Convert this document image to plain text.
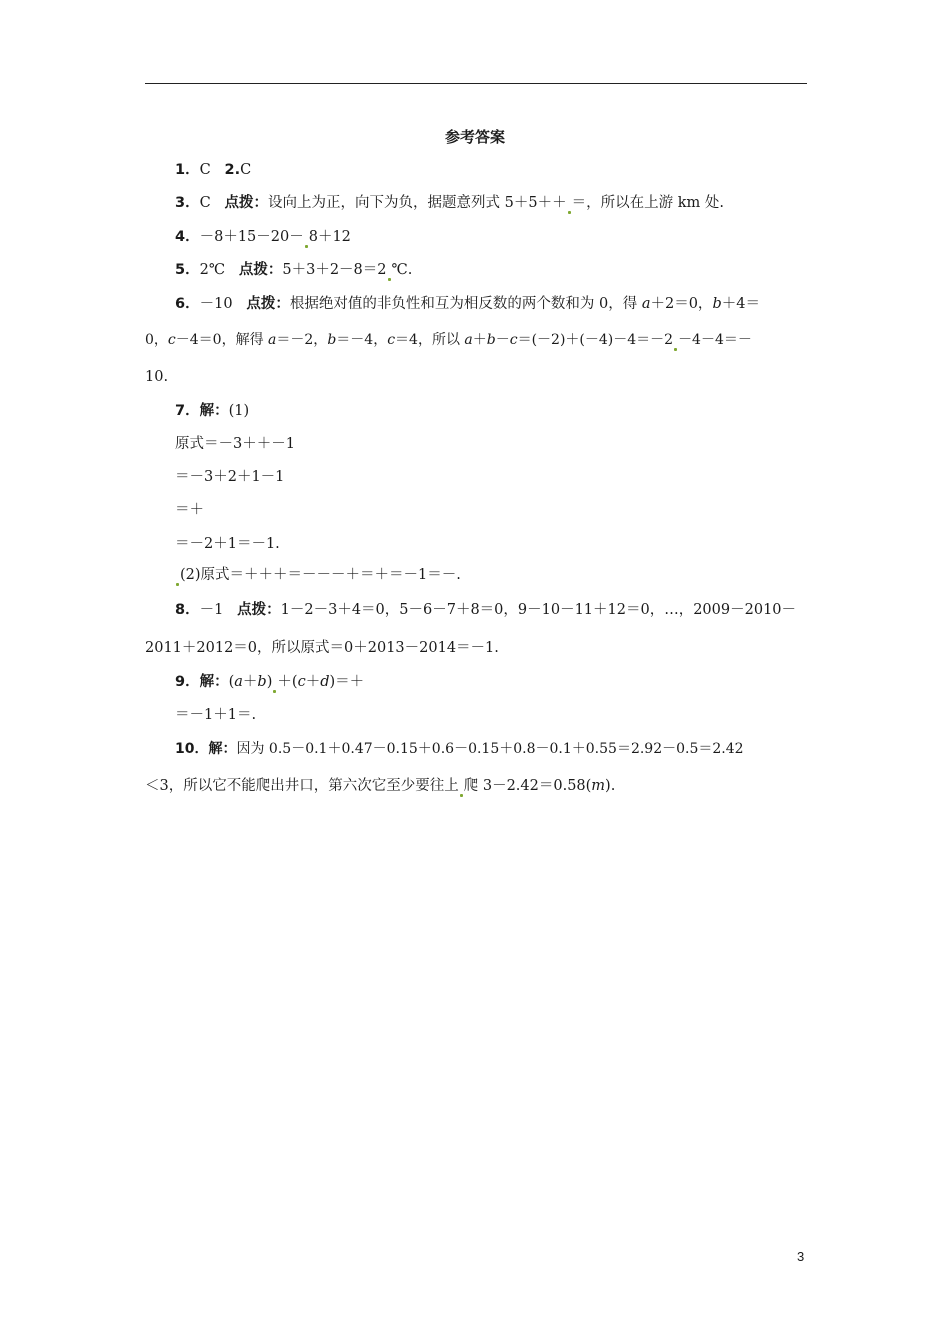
参考答案
1．C 2.C
3．C 点拨：设向上为正，向下为负，据题意列式 5＋5＋＋ ＝，所以在上游 km 处.
4．－8＋15－20－ 8＋12
5．2℃ 点拨：5＋3＋2－8＝2 ℃.
6．－10 点拨：根据绝对值的非负性和互为相反数的两个数和为 0，得 a＋2＝0，b＋4＝
0，c－4＝0，解得 a＝－2，b＝－4，c＝4，所以 a＋b－c＝(－2)＋(－4)－4＝－2 －4－4＝－
10.
7．解：(1)
原式＝－3＋＋－1
＝－3＋2＋1－1
＝＋
＝－2＋1＝－1.
(2)原式＝＋＋＋＝－－－＋＝＋＝－1＝－.
8．－1 点拨：1－2－3＋4＝0，5－6－7＋8＝0，9－10－11＋12＝0，…，2009－2010－
2011＋2012＝0，所以原式＝0＋2013－2014＝－1.
9．解：(a＋b) ＋(c＋d)＝＋
＝－1＋1＝.
10．解：因为 0.5－0.1＋0.47－0.15＋0.6－0.15＋0.8－0.1＋0.55＝2.92－0.5＝2.42
＜3，所以它不能爬出井口，第六次它至少要往上 爬 3－2.42＝0.58(m).
3
